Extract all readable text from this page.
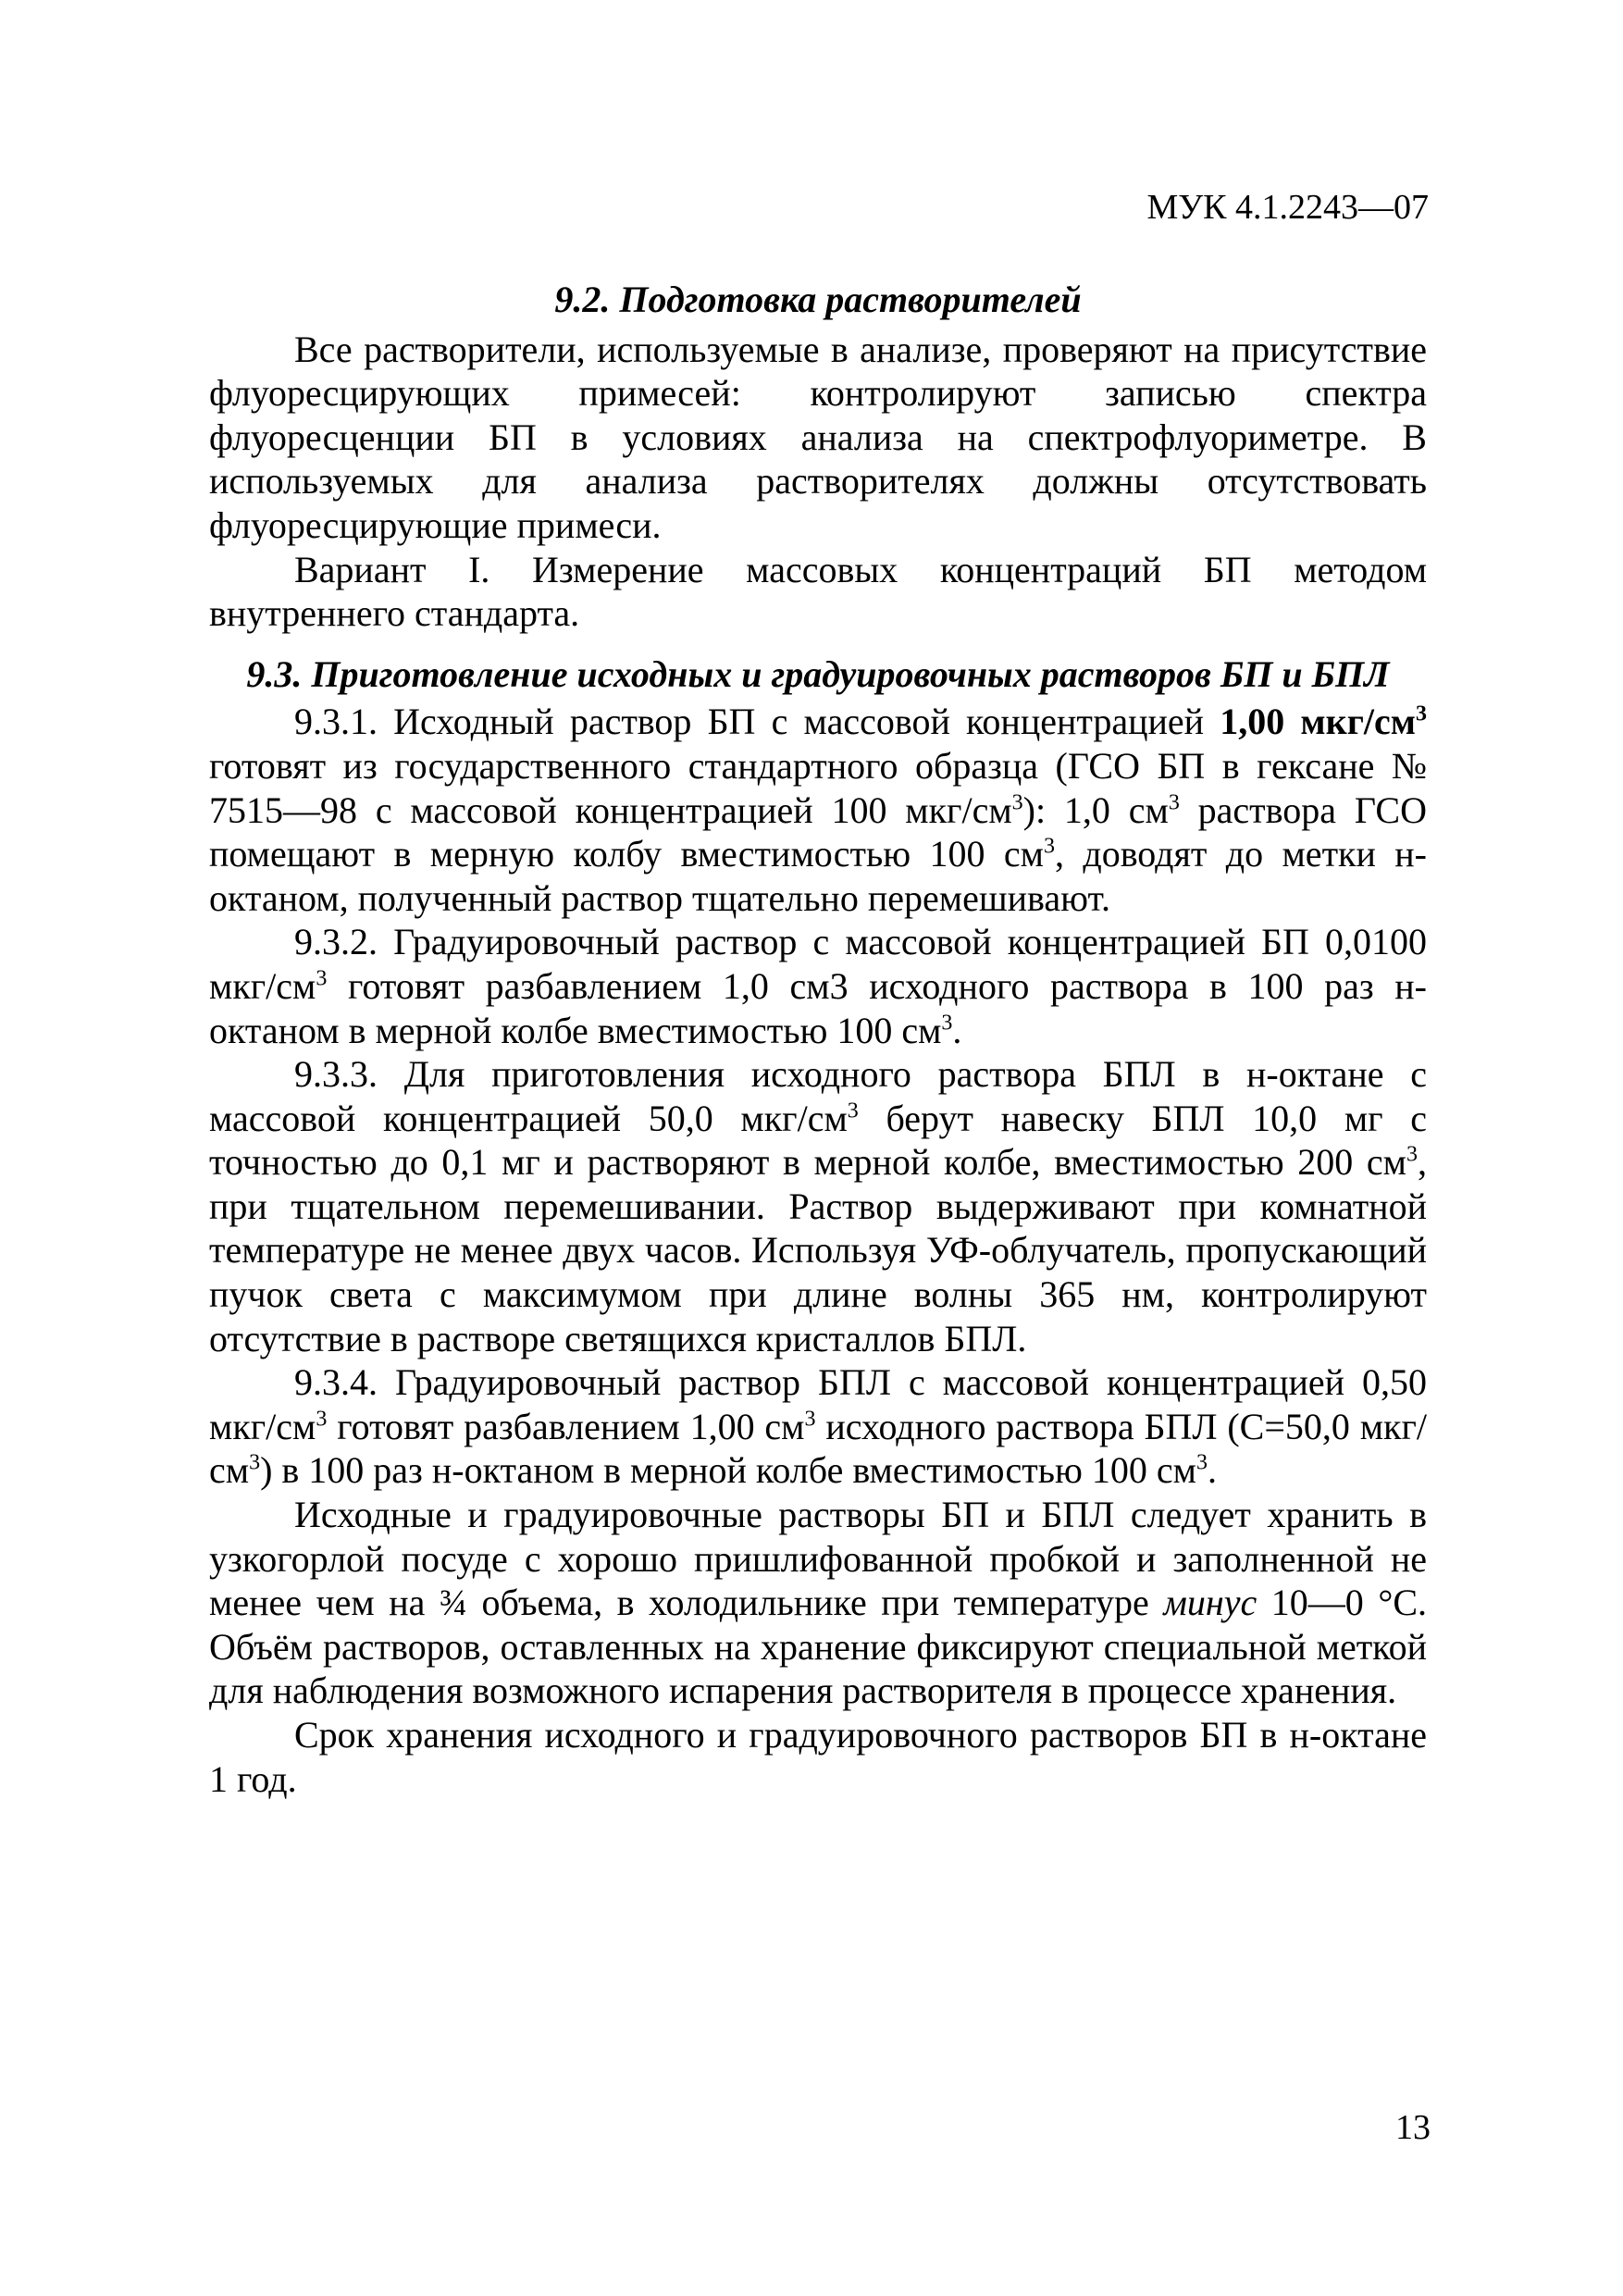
МУК 4.1.2243—07
9.2. Подготовка растворителей

Все растворители, используемые в анализе, проверяют на присутствие флуоресцирующих примесей: контролируют записью спектра флуоресценции БП в условиях анализа на спектрофлуориметре. В используемых для анализа растворителях должны отсутствовать флуоресцирующие примеси.

Вариант I. Измерение массовых концентраций БП методом внутреннего стандарта.

9.3. Приготовление исходных и градуировочных растворов БП и БПЛ

9.3.1. Исходный раствор БП с массовой концентрацией 1,00 мкг/$см^3$ готовят из государственного стандартного образца (ГСО БП в гексане № 7515—98 с массовой концентрацией 100 мкг/$см^3$): 1,0 $см^3$ раствора ГСО помещают в мерную колбу вместимостью 100 $см^3$, доводят до метки н-октаном, полученный раствор тщательно перемешивают.

9.3.2. Градуировочный раствор с массовой концентрацией БП 0,0100 мкг/$см^3$ готовят разбавлением 1,0 см3 исходного раствора в 100 раз н-октаном в мерной колбе вместимостью 100 $см^3$.

9.3.3. Для приготовления исходного раствора БПЛ в н-октане с массовой концентрацией 50,0 мкг/$см^3$ берут навеску БПЛ 10,0 мг с точностью до 0,1 мг и растворяют в мерной колбе, вместимостью 200 $см^3$, при тщательном перемешивании. Раствор выдерживают при комнатной температуре не менее двух часов. Используя УФ-облучатель, пропускающий пучок света с максимумом при длине волны 365 нм, контролируют отсутствие в растворе светящихся кристаллов БПЛ.

9.3.4. Градуировочный раствор БПЛ с массовой концентрацией 0,50 мкг/$см^3$ готовят разбавлением 1,00 $см^3$ исходного раствора БПЛ (С=50,0 мкг/$см^3$) в 100 раз н-октаном в мерной колбе вместимостью 100 $см^3$.

Исходные и градуировочные растворы БП и БПЛ следует хранить в узкогорлой посуде с хорошо пришлифованной пробкой и заполненной не менее чем на ¾ объема, в холодильнике при температуре минус 10—0 °С. Объём растворов, оставленных на хранение фиксируют специальной меткой для наблюдения возможного испарения растворителя в процессе хранения.

Срок хранения исходного и градуировочного растворов БП в н-октане 1 год.

13
